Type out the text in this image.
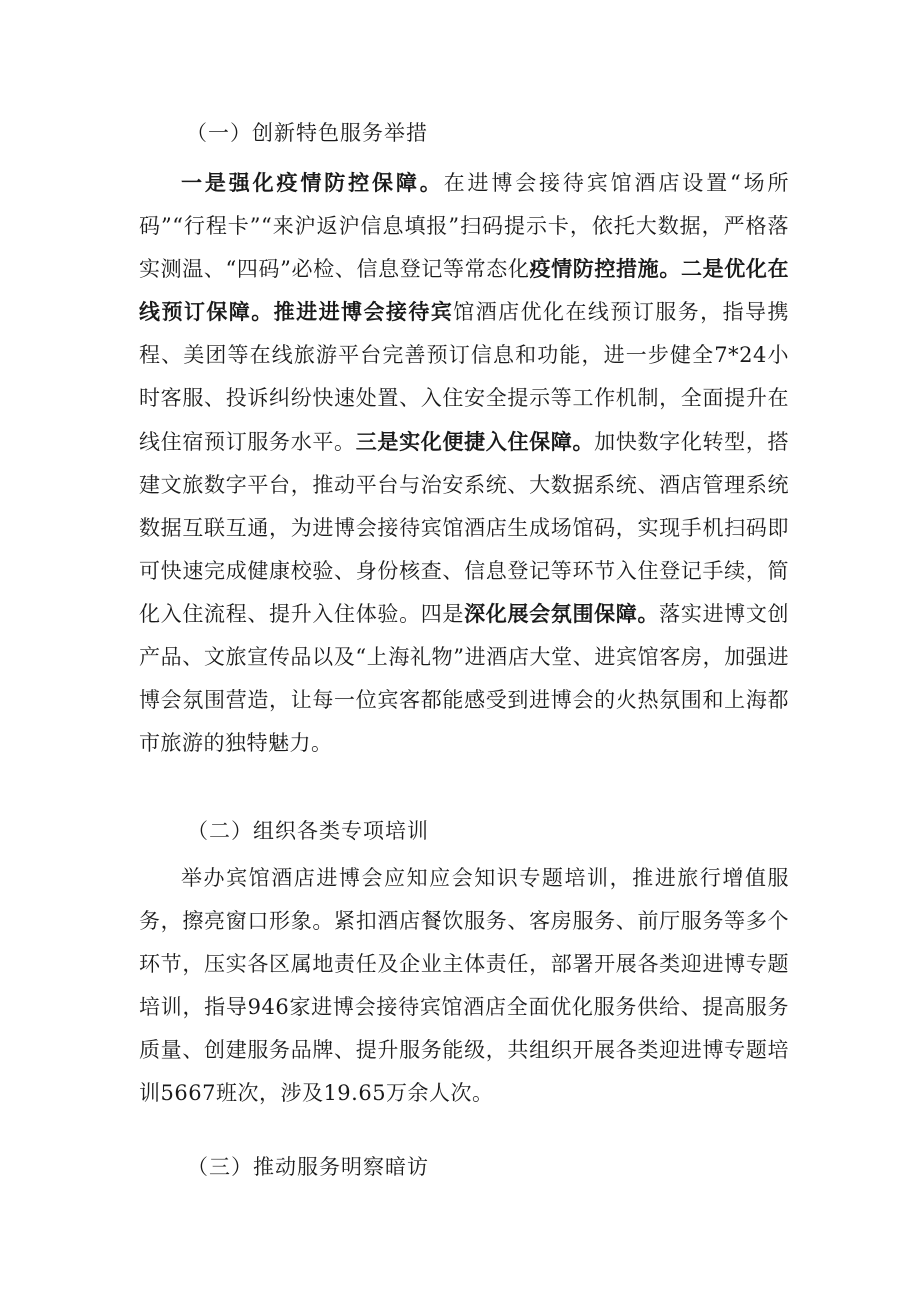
（一）创新特色服务举措
一是强化疫情防控保障。在进博会接待宾馆酒店设置“场所码”“行程卡”“来沪返沪信息填报”扫码提示卡，依托大数据，严格落实测温、“四码”必检、信息登记等常态化疫情防控措施。二是优化在线预订保障。推进进博会接待宾馆酒店优化在线预订服务，指导携程、美团等在线旅游平台完善预订信息和功能，进一步健全7*24小时客服、投诉纠纷快速处置、入住安全提示等工作机制，全面提升在线住宿预订服务水平。三是实化便捷入住保障。加快数字化转型，搭建文旅数字平台，推动平台与治安系统、大数据系统、酒店管理系统数据互联互通，为进博会接待宾馆酒店生成场馆码，实现手机扫码即可快速完成健康校验、身份核查、信息登记等环节入住登记手续，简化入住流程、提升入住体验。四是深化展会氛围保障。落实进博文创产品、文旅宣传品以及“上海礼物”进酒店大堂、进宾馆客房，加强进博会氛围营造，让每一位宾客都能感受到进博会的火热氛围和上海都市旅游的独特魅力。
（二）组织各类专项培训
举办宾馆酒店进博会应知应会知识专题培训，推进旅行增值服务，擦亮窗口形象。紧扣酒店餐饮服务、客房服务、前厅服务等多个环节，压实各区属地责任及企业主体责任，部署开展各类迎进博专题培训，指导946家进博会接待宾馆酒店全面优化服务供给、提高服务质量、创建服务品牌、提升服务能级，共组织开展各类迎进博专题培训5667班次，涉及19.65万余人次。
（三）推动服务明察暗访
